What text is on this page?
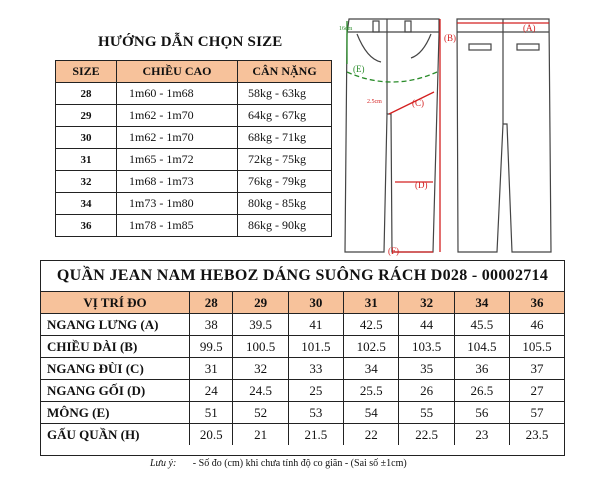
HƯỚNG DẪN CHỌN SIZE
SIZE	CHIỀU CAO	CÂN NẶNG
28	1m60 - 1m68	58kg - 63kg
29	1m62 - 1m70	64kg - 67kg
30	1m62 - 1m70	68kg - 71kg
31	1m65 - 1m72	72kg - 75kg
32	1m68 - 1m73	76kg - 79kg
34	1m73 - 1m80	80kg - 85kg
36	1m78 - 1m85	86kg - 90kg
(A)
(B)
(C)
(D)
(E)
(F)
16cm
2.5cm
QUẦN JEAN NAM HEBOZ DÁNG SUÔNG RÁCH D028 - 00002714
VỊ TRÍ ĐO	28	29	30	31	32	34	36
NGANG LƯNG (A)	38	39.5	41	42.5	44	45.5	46
CHIỀU DÀI (B)	99.5	100.5	101.5	102.5	103.5	104.5	105.5
NGANG ĐÙI (C)	31	32	33	34	35	36	37
NGANG GỐI (D)	24	24.5	25	25.5	26	26.5	27
MÔNG (E)	51	52	53	54	55	56	57
GẤU QUẦN (H)	20.5	21	21.5	22	22.5	23	23.5
Lưu ý: - Số đo (cm) khi chưa tính độ co giãn - (Sai số ±1cm)
